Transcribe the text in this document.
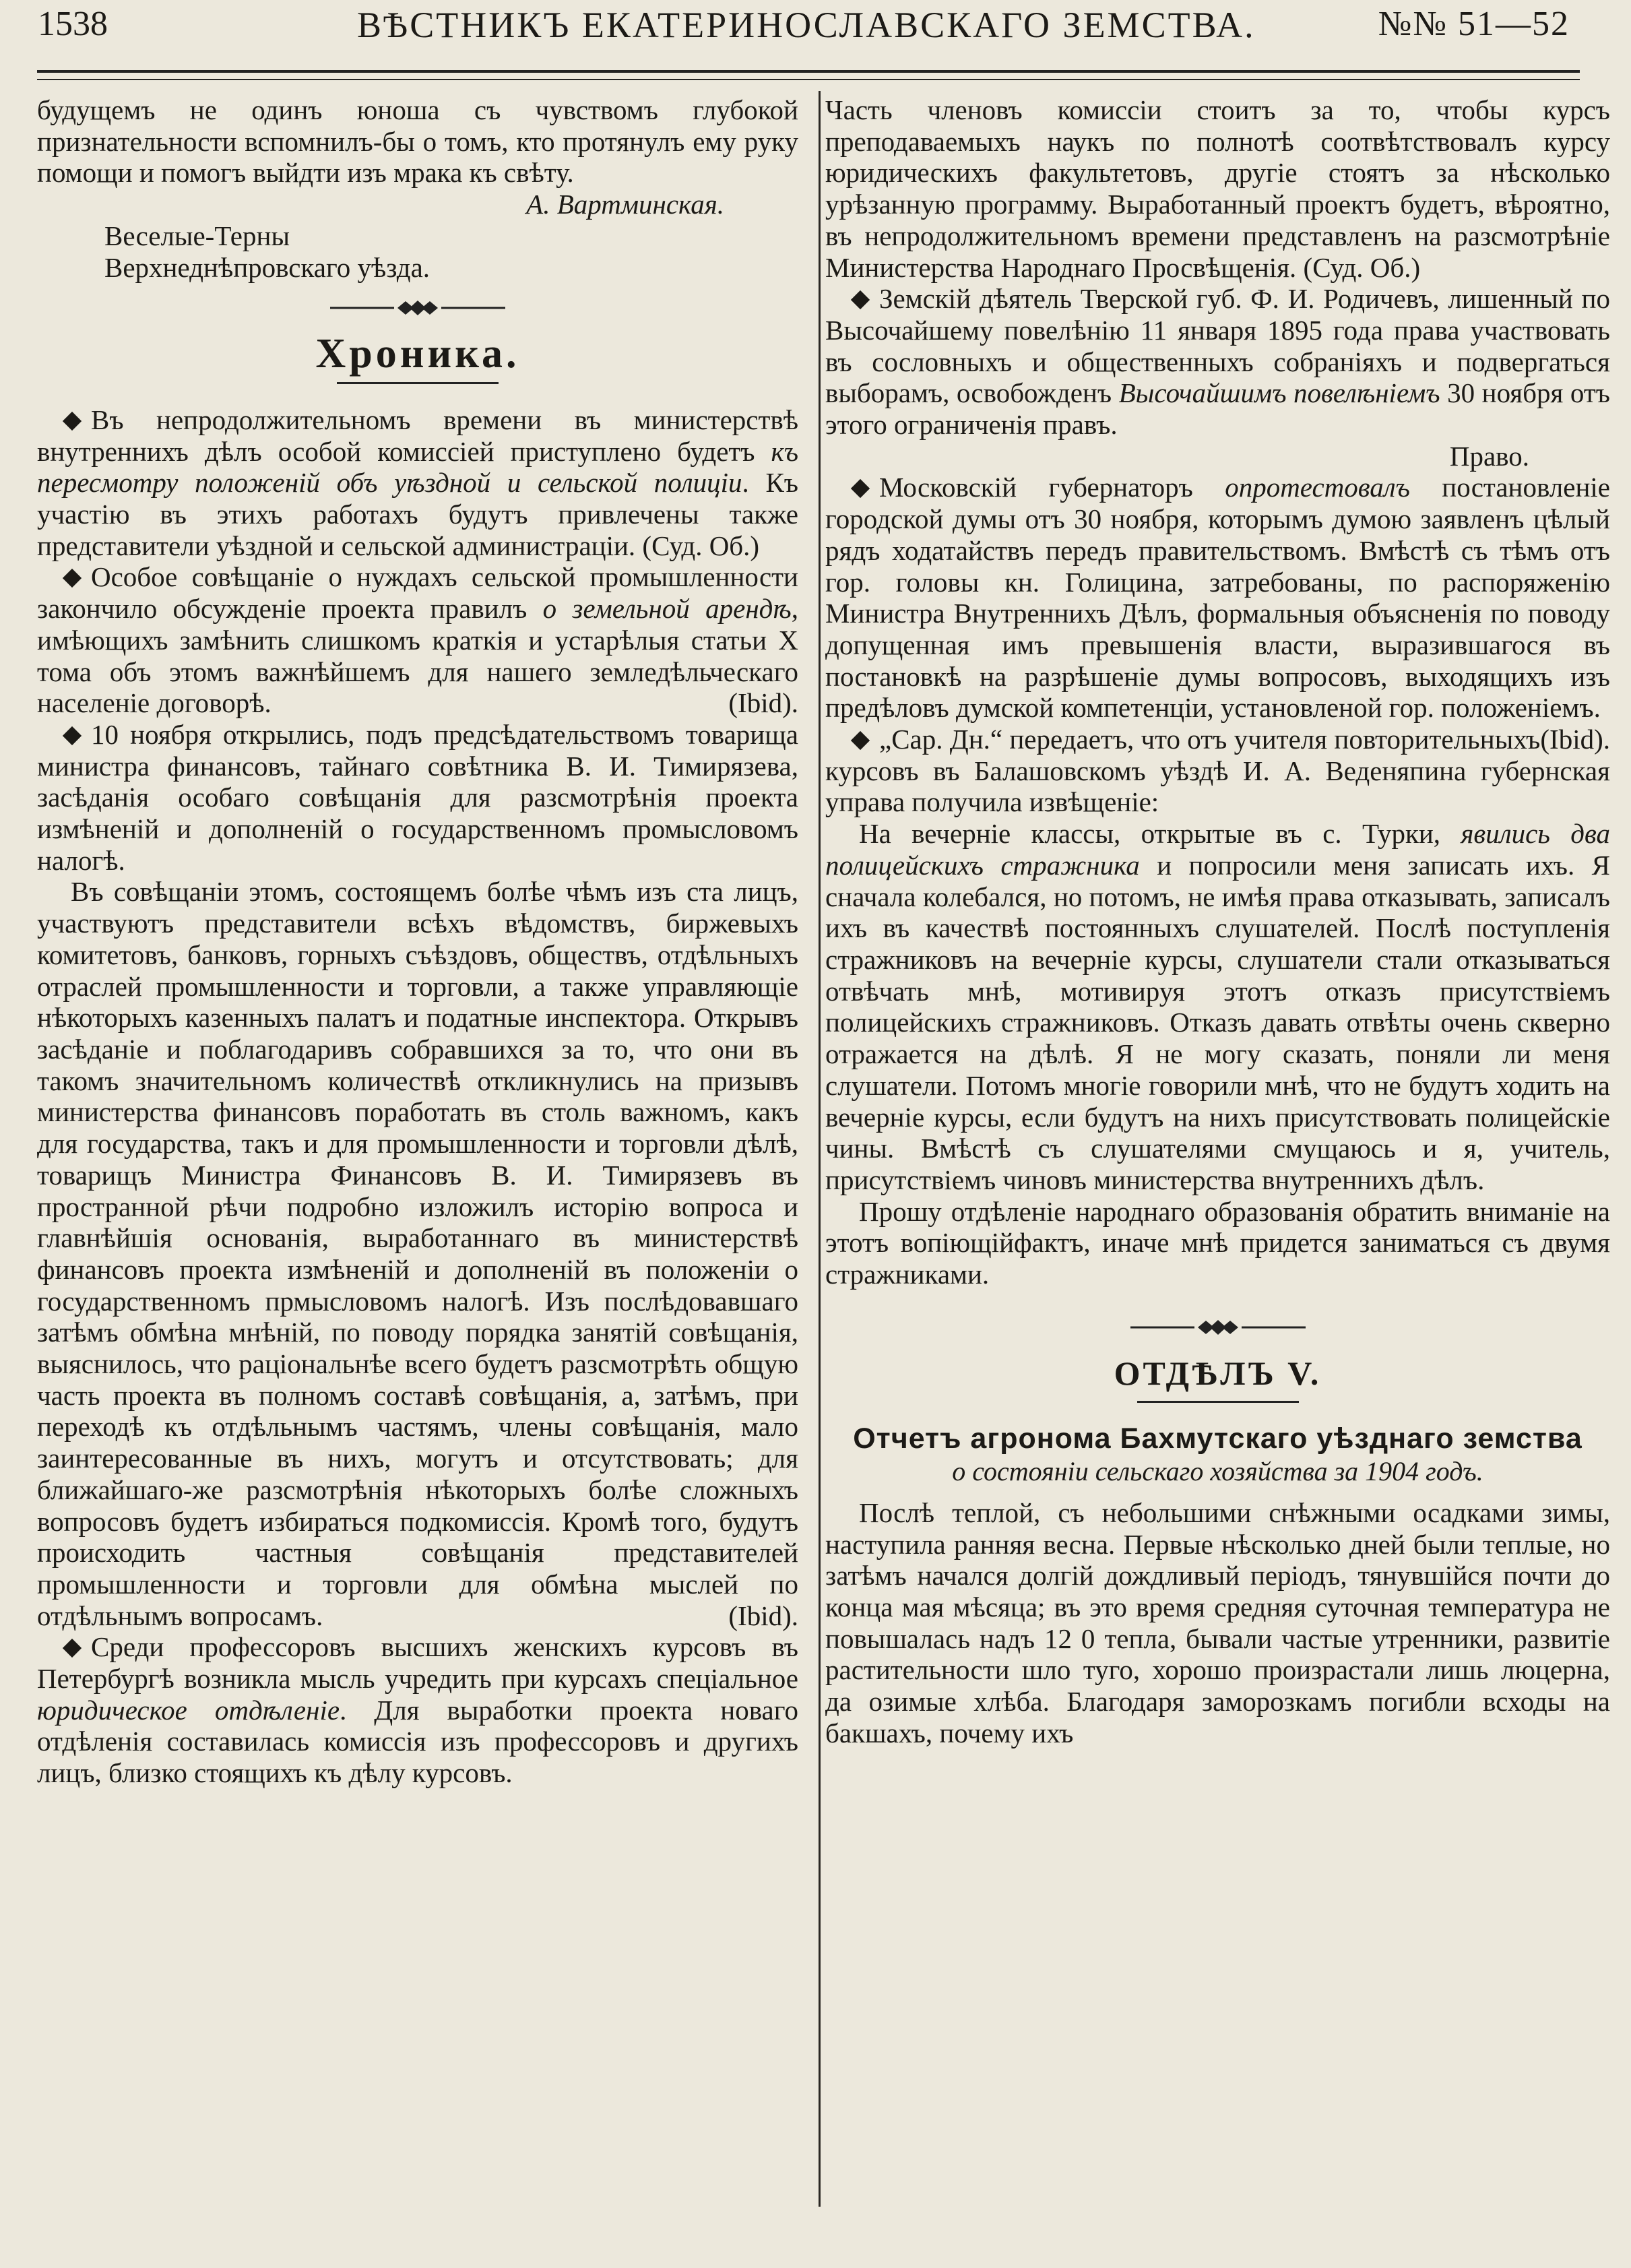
1538	ВѢСТНИКЪ ЕКАТЕРИНОСЛАВСКАГО ЗЕМСТВА.	№№ 51—52

будущемъ не одинъ юноша съ чувствомъ глубокой признательности вспомнилъ-бы о томъ, кто протянулъ ему руку помощи и помогъ выйдти изъ мрака къ свѣту.

А. Вартминская.

Веселые-Терны

Верхнеднѣпровскаго уѣзда.

Хроника.

Въ непродолжительномъ времени въ министерствѣ внутреннихъ дѣлъ особой комиссiей приступлено будетъ къ пересмотру положенiй объ уѣздной и сельской полицiи. Къ участiю въ этихъ работахъ будутъ привлечены также представители уѣздной и сельской администрацiи. (Суд. Об.)

Особое совѣщанiе о нуждахъ сельской промышленности закончило обсужденiе проекта правилъ о земельной арендѣ, имѣющихъ замѣнить слишкомъ краткiя и устарѣлыя статьи X тома объ этомъ важнѣйшемъ для нашего земледѣльческаго населенiе договорѣ.	(Ibid).

10 ноября открылись, подъ предсѣдательствомъ товарища министра финансовъ, тайнаго совѣтника В. И. Тимирязева, засѣданiя особаго совѣщанiя для разсмотрѣнiя проекта измѣненiй и дополненiй о государственномъ промысловомъ налогѣ.

Въ совѣщанiи этомъ, состоящемъ болѣе чѣмъ изъ ста лицъ, участвуютъ представители всѣхъ вѣдомствъ, биржевыхъ комитетовъ, банковъ, горныхъ съѣздовъ, обществъ, отдѣльныхъ отраслей промышленности и торговли, а также управляющiе нѣкоторыхъ казенныхъ палатъ и податные инспектора. Открывъ засѣданiе и поблагодаривъ собравшихся за то, что они въ такомъ значительномъ количествѣ откликнулись на призывъ министерства финансовъ поработать въ столь важномъ, какъ для государства, такъ и для промышленности и торговли дѣлѣ, товарищъ Министра Финансовъ В. И. Тимирязевъ въ пространной рѣчи подробно изложилъ исторiю вопроса и главнѣйшiя основанiя, выработаннаго въ министерствѣ финансовъ проекта измѣненiй и дополненiй въ положенiи о государственномъ прмысловомъ налогѣ. Изъ послѣдовавшаго затѣмъ обмѣна мнѣнiй, по поводу порядка занятiй совѣщанiя, выяснилось, что рацiональнѣе всего будетъ разсмотрѣть общую часть проекта въ полномъ составѣ совѣщанiя, а, затѣмъ, при переходѣ къ отдѣльнымъ частямъ, члены совѣщанiя, мало заинтересованные въ нихъ, могутъ и отсутствовать; для ближайшаго-же разсмотрѣнiя нѣкоторыхъ болѣе сложныхъ вопросовъ будетъ избираться подкомиссiя. Кромѣ того, будутъ происходить частныя совѣщанiя представителей промышленности и торговли для обмѣна мыслей по отдѣльнымъ вопросамъ.	(Ibid).

Среди профессоровъ высшихъ женскихъ курсовъ въ Петербургѣ возникла мысль учредить при курсахъ спецiальное юридическое отдѣленiе. Для выработки проекта новаго отдѣленiя составилась комиссiя изъ профессоровъ и другихъ лицъ, близко стоящихъ къ дѣлу курсовъ.

Часть членовъ комиссiи стоитъ за то, чтобы курсъ преподаваемыхъ наукъ по полнотѣ соотвѣтствовалъ курсу юридическихъ факультетовъ, другiе стоятъ за нѣсколько урѣзанную программу. Выработанный проектъ будетъ, вѣроятно, въ непродолжительномъ времени представленъ на разсмотрѣнiе Министерства Народнаго Просвѣщенiя. (Суд. Об.)

Земскiй дѣятель Тверской губ. Ф. И. Родичевъ, лишенный по Высочайшему повелѣнiю 11 января 1895 года права участвовать въ сословныхъ и общественныхъ собранiяхъ и подвергаться выборамъ, освобожденъ Высочайшимъ повелѣнiемъ 30 ноября отъ этого ограниченiя правъ.

Право.

Московскiй губернаторъ опротестовалъ постановленiе городской думы отъ 30 ноября, которымъ думою заявленъ цѣлый рядъ ходатайствъ передъ правительствомъ. Вмѣстѣ съ тѣмъ отъ гор. головы кн. Голицина, затребованы, по распоряженiю Министра Внутреннихъ Дѣлъ, формальныя объясненiя по поводу допущенная имъ превышенiя власти, выразившагося въ постановкѣ на разрѣшенiе думы вопросовъ, выходящихъ изъ предѣловъ думской компетенцiи, установленой гор. положенiемъ.
(Ibid).

„Сар. Дн.“ передаетъ, что отъ учителя повторительныхъ курсовъ въ Балашовскомъ уѣздѣ И. А. Веденяпина губернская управа получила извѣщенiе:

На вечернiе классы, открытые въ с. Турки, явились два полицейскихъ стражника и попросили меня записать ихъ. Я сначала колебался, но потомъ, не имѣя права отказывать, записалъ ихъ въ качествѣ постоянныхъ слушателей. Послѣ поступленiя стражниковъ на вечернiе курсы, слушатели стали отказываться отвѣчать мнѣ, мотивируя этотъ отказъ присутствiемъ полицейскихъ стражниковъ. Отказъ давать отвѣты очень скверно отражается на дѣлѣ. Я не могу сказать, поняли ли меня слушатели. Потомъ многiе говорили мнѣ, что не будутъ ходить на вечернiе курсы, если будутъ на нихъ присутствовать полицейскiе чины. Вмѣстѣ съ слушателями смущаюсь и я, учитель, присутствiемъ чиновъ министерства внутреннихъ дѣлъ.

Прошу отдѣленiе народнаго образованiя обратить вниманiе на этотъ вопiющiйфактъ, иначе мнѣ придется заниматься съ двумя стражниками.

ОТДѢЛЪ V.
Отчетъ агронома Бахмутскаго уѣзднаго земства
о состоянiи сельскаго хозяйства за 1904 годъ.

Послѣ теплой, съ небольшими снѣжными осадками зимы, наступила ранняя весна. Первые нѣсколько дней были теплые, но затѣмъ начался долгiй дождливый перiодъ, тянувшiйся почти до конца мая мѣсяца; въ это время средняя суточная температура не повышалась надъ 12 0 тепла, бывали частые утренники, развитiе растительности шло туго, хорошо произрастали лишь люцерна, да озимые хлѣба. Благодаря заморозкамъ погибли всходы на бакшахъ, почему ихъ
